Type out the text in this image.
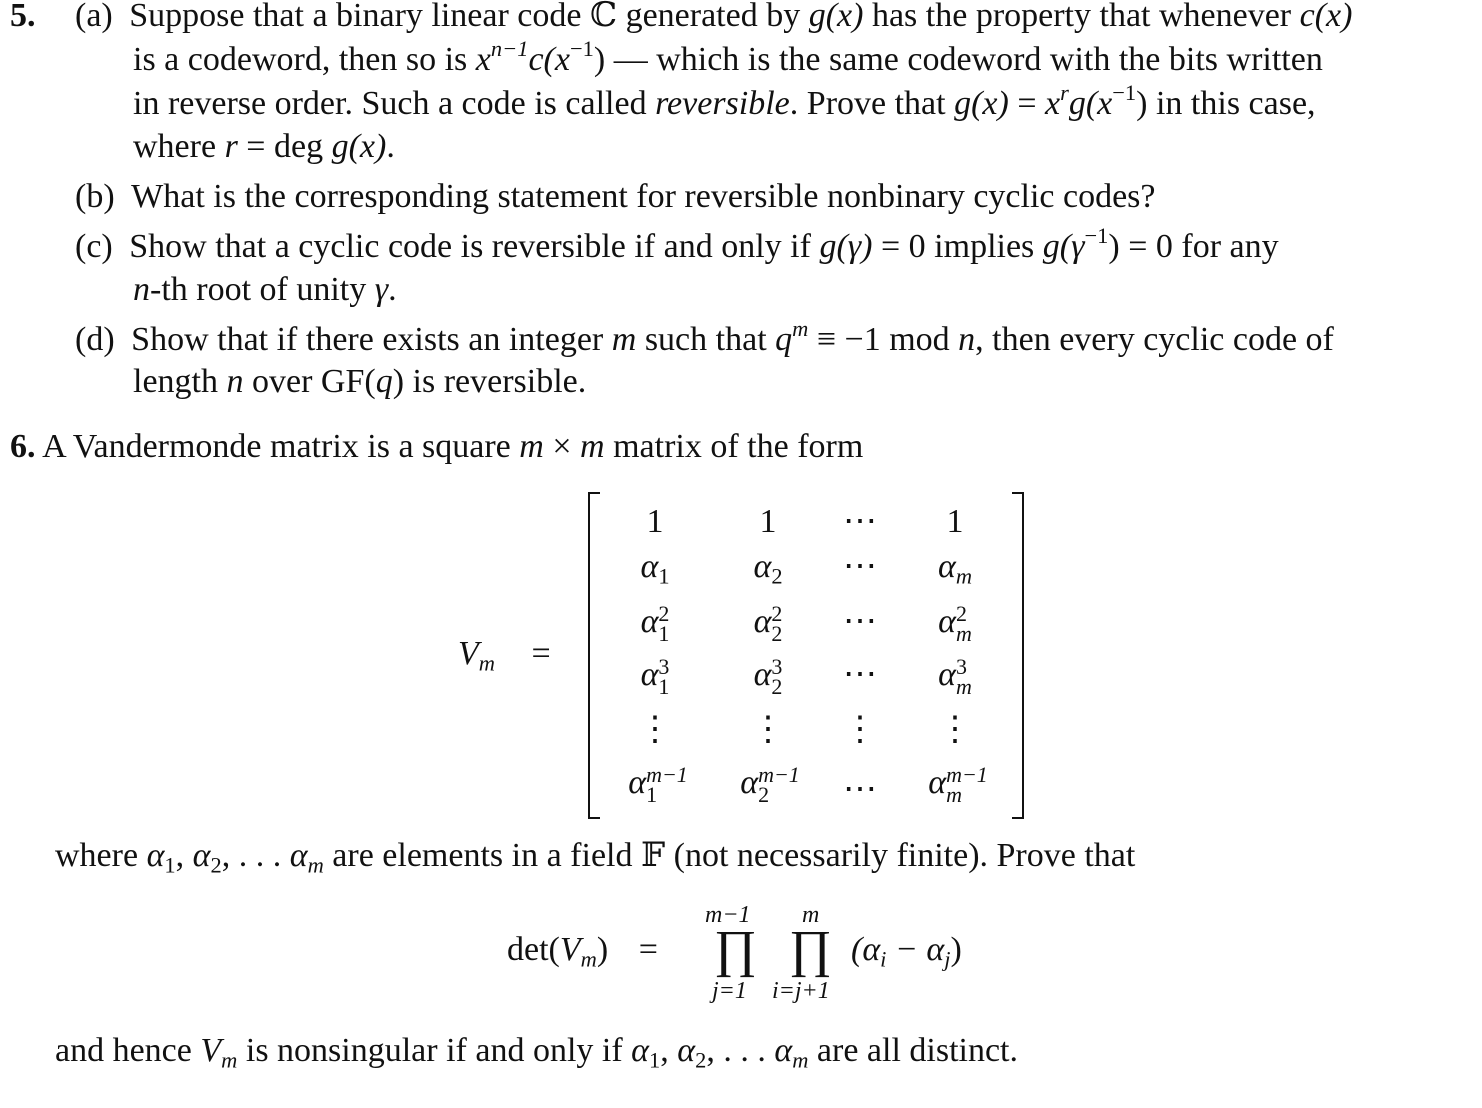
5. (a) Suppose that a binary linear code ℂ generated by g(x) has the property that whenever c(x)
is a codeword, then so is $x^{n-1}c(x^{-1})$ — which is the same codeword with the bits written
in reverse order. Such a code is called reversible. Prove that $g(x) = x^rg(x^{-1})$ in this case,
where r = deg g(x).
(b) What is the corresponding statement for reversible nonbinary cyclic codes?
(c) Show that a cyclic code is reversible if and only if g(γ) = 0 implies $g(\gamma^{-1}) = 0$ for any
n-th root of unity γ.
(d) Show that if there exists an integer m such that $q^m \equiv -1$ mod n, then every cyclic code of
length n over GF(q) is reversible.
6. A Vandermonde matrix is a square m × m matrix of the form
$V_m$ =
1
$\alpha_1$
α2
1
α3
1
⋮
αm−1
1
1
$\alpha_2$
α2
2
α3
2
⋮
αm−1
2
⋯
⋯
⋯
⋯
⋮
⋯
1
$\alpha_m$
α2
m
α3
m
⋮
αm−1
m
where $\alpha_1$, $\alpha_2$, . . . $\alpha_m$ are elements in a field 𝔽 (not necessarily finite). Prove that
$\det(V_m)$ =
m−1 m
∏ ∏
j=1 i=j+1
$(\alpha_i - \alpha_j)$
and hence $V_m$ is nonsingular if and only if $\alpha_1$, $\alpha_2$, . . . $\alpha_m$ are all distinct.
